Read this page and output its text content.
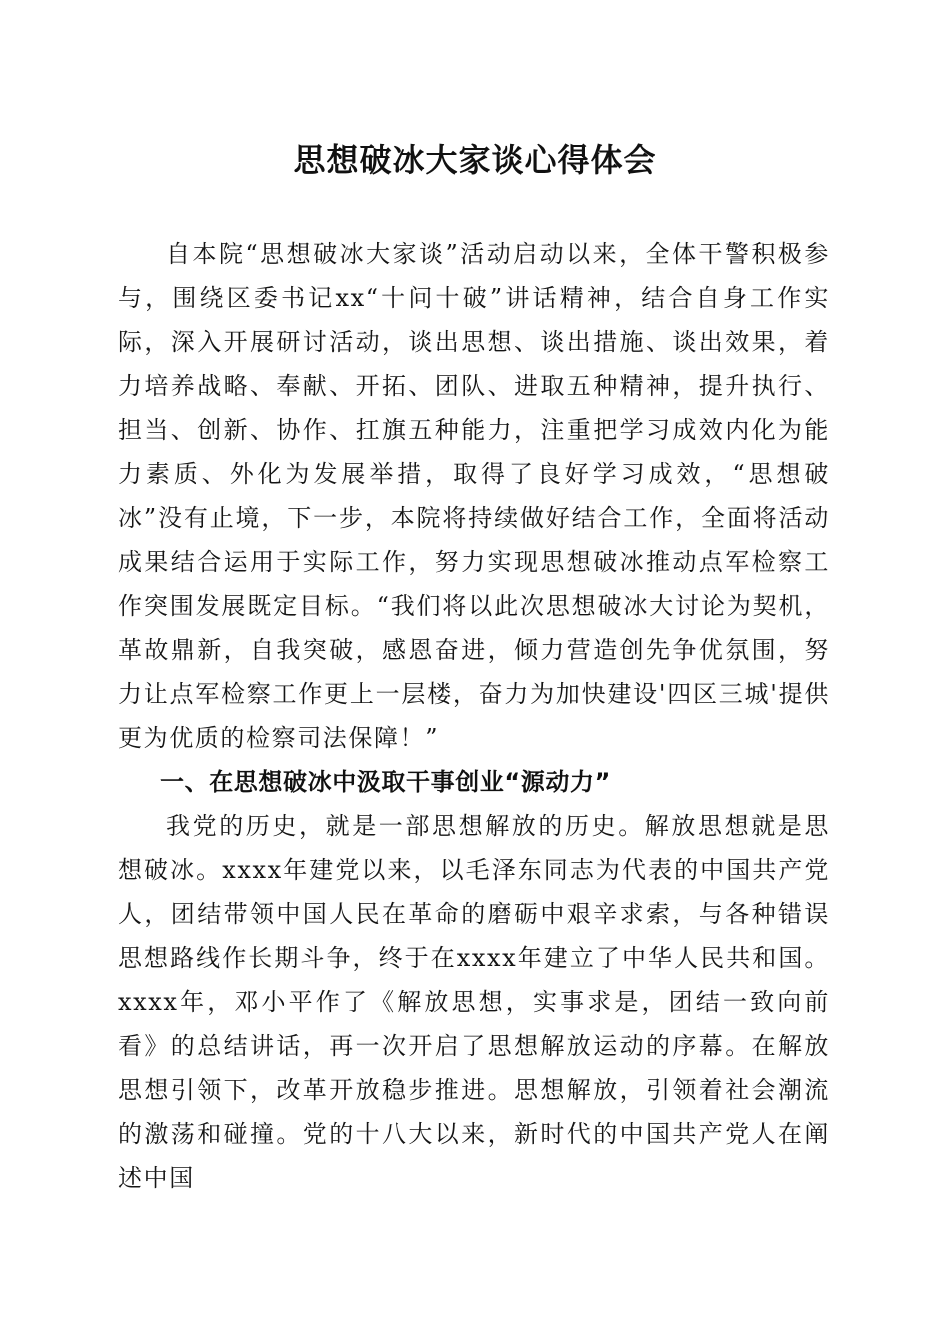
思想破冰大家谈心得体会

自本院“思想破冰大家谈”活动启动以来，全体干警积极参与，围绕区委书记xx“十问十破”讲话精神，结合自身工作实际，深入开展研讨活动，谈出思想、谈出措施、谈出效果，着力培养战略、奉献、开拓、团队、进取五种精神，提升执行、担当、创新、协作、扛旗五种能力，注重把学习成效内化为能力素质、外化为发展举措，取得了良好学习成效，“思想破冰”没有止境，下一步，本院将持续做好结合工作，全面将活动成果结合运用于实际工作，努力实现思想破冰推动点军检察工作突围发展既定目标。“我们将以此次思想破冰大讨论为契机，革故鼎新，自我突破，感恩奋进，倾力营造创先争优氛围，努力让点军检察工作更上一层楼，奋力为加快建设'四区三城'提供更为优质的检察司法保障！”

一、在思想破冰中汲取干事创业“源动力”

我党的历史，就是一部思想解放的历史。解放思想就是思想破冰。xxxx年建党以来，以毛泽东同志为代表的中国共产党人，团结带领中国人民在革命的磨砺中艰辛求索，与各种错误思想路线作长期斗争，终于在xxxx年建立了中华人民共和国。xxxx年，邓小平作了《解放思想，实事求是，团结一致向前看》的总结讲话，再一次开启了思想解放运动的序幕。在解放思想引领下，改革开放稳步推进。思想解放，引领着社会潮流的激荡和碰撞。党的十八大以来，新时代的中国共产党人在阐述中国
